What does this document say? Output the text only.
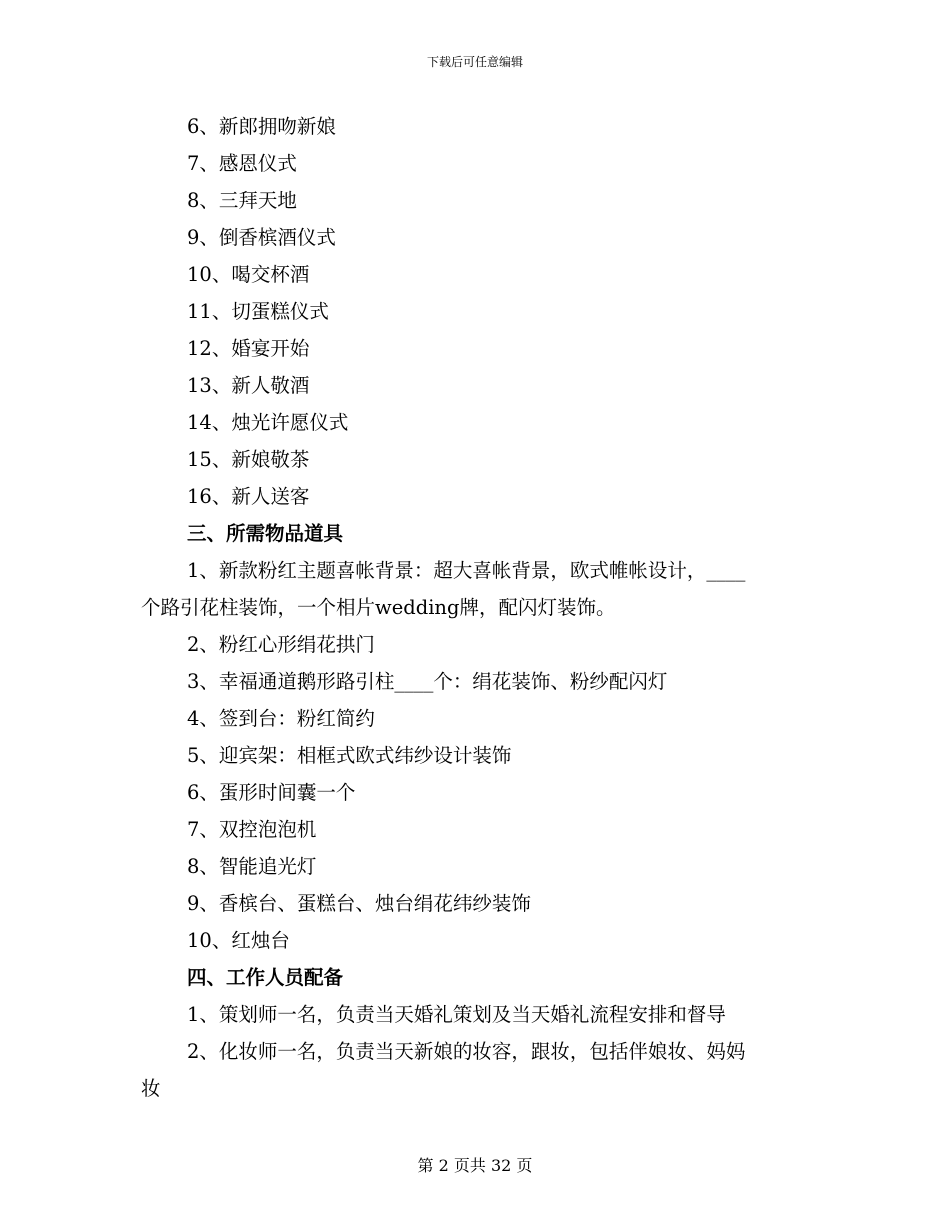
下载后可任意编辑
6、新郎拥吻新娘
7、感恩仪式
8、三拜天地
9、倒香槟酒仪式
10、喝交杯酒
11、切蛋糕仪式
12、婚宴开始
13、新人敬酒
14、烛光许愿仪式
15、新娘敬茶
16、新人送客
三、所需物品道具
1、新款粉红主题喜帐背景：超大喜帐背景，欧式帷帐设计，____
个路引花柱装饰，一个相片wedding牌，配闪灯装饰。
2、粉红心形绢花拱门
3、幸福通道鹅形路引柱____个：绢花装饰、粉纱配闪灯
4、签到台：粉红简约
5、迎宾架：相框式欧式纬纱设计装饰
6、蛋形时间囊一个
7、双控泡泡机
8、智能追光灯
9、香槟台、蛋糕台、烛台绢花纬纱装饰
10、红烛台
四、工作人员配备
1、策划师一名，负责当天婚礼策划及当天婚礼流程安排和督导
2、化妆师一名，负责当天新娘的妆容，跟妆，包括伴娘妆、妈妈
妆
第 2 页共 32 页
